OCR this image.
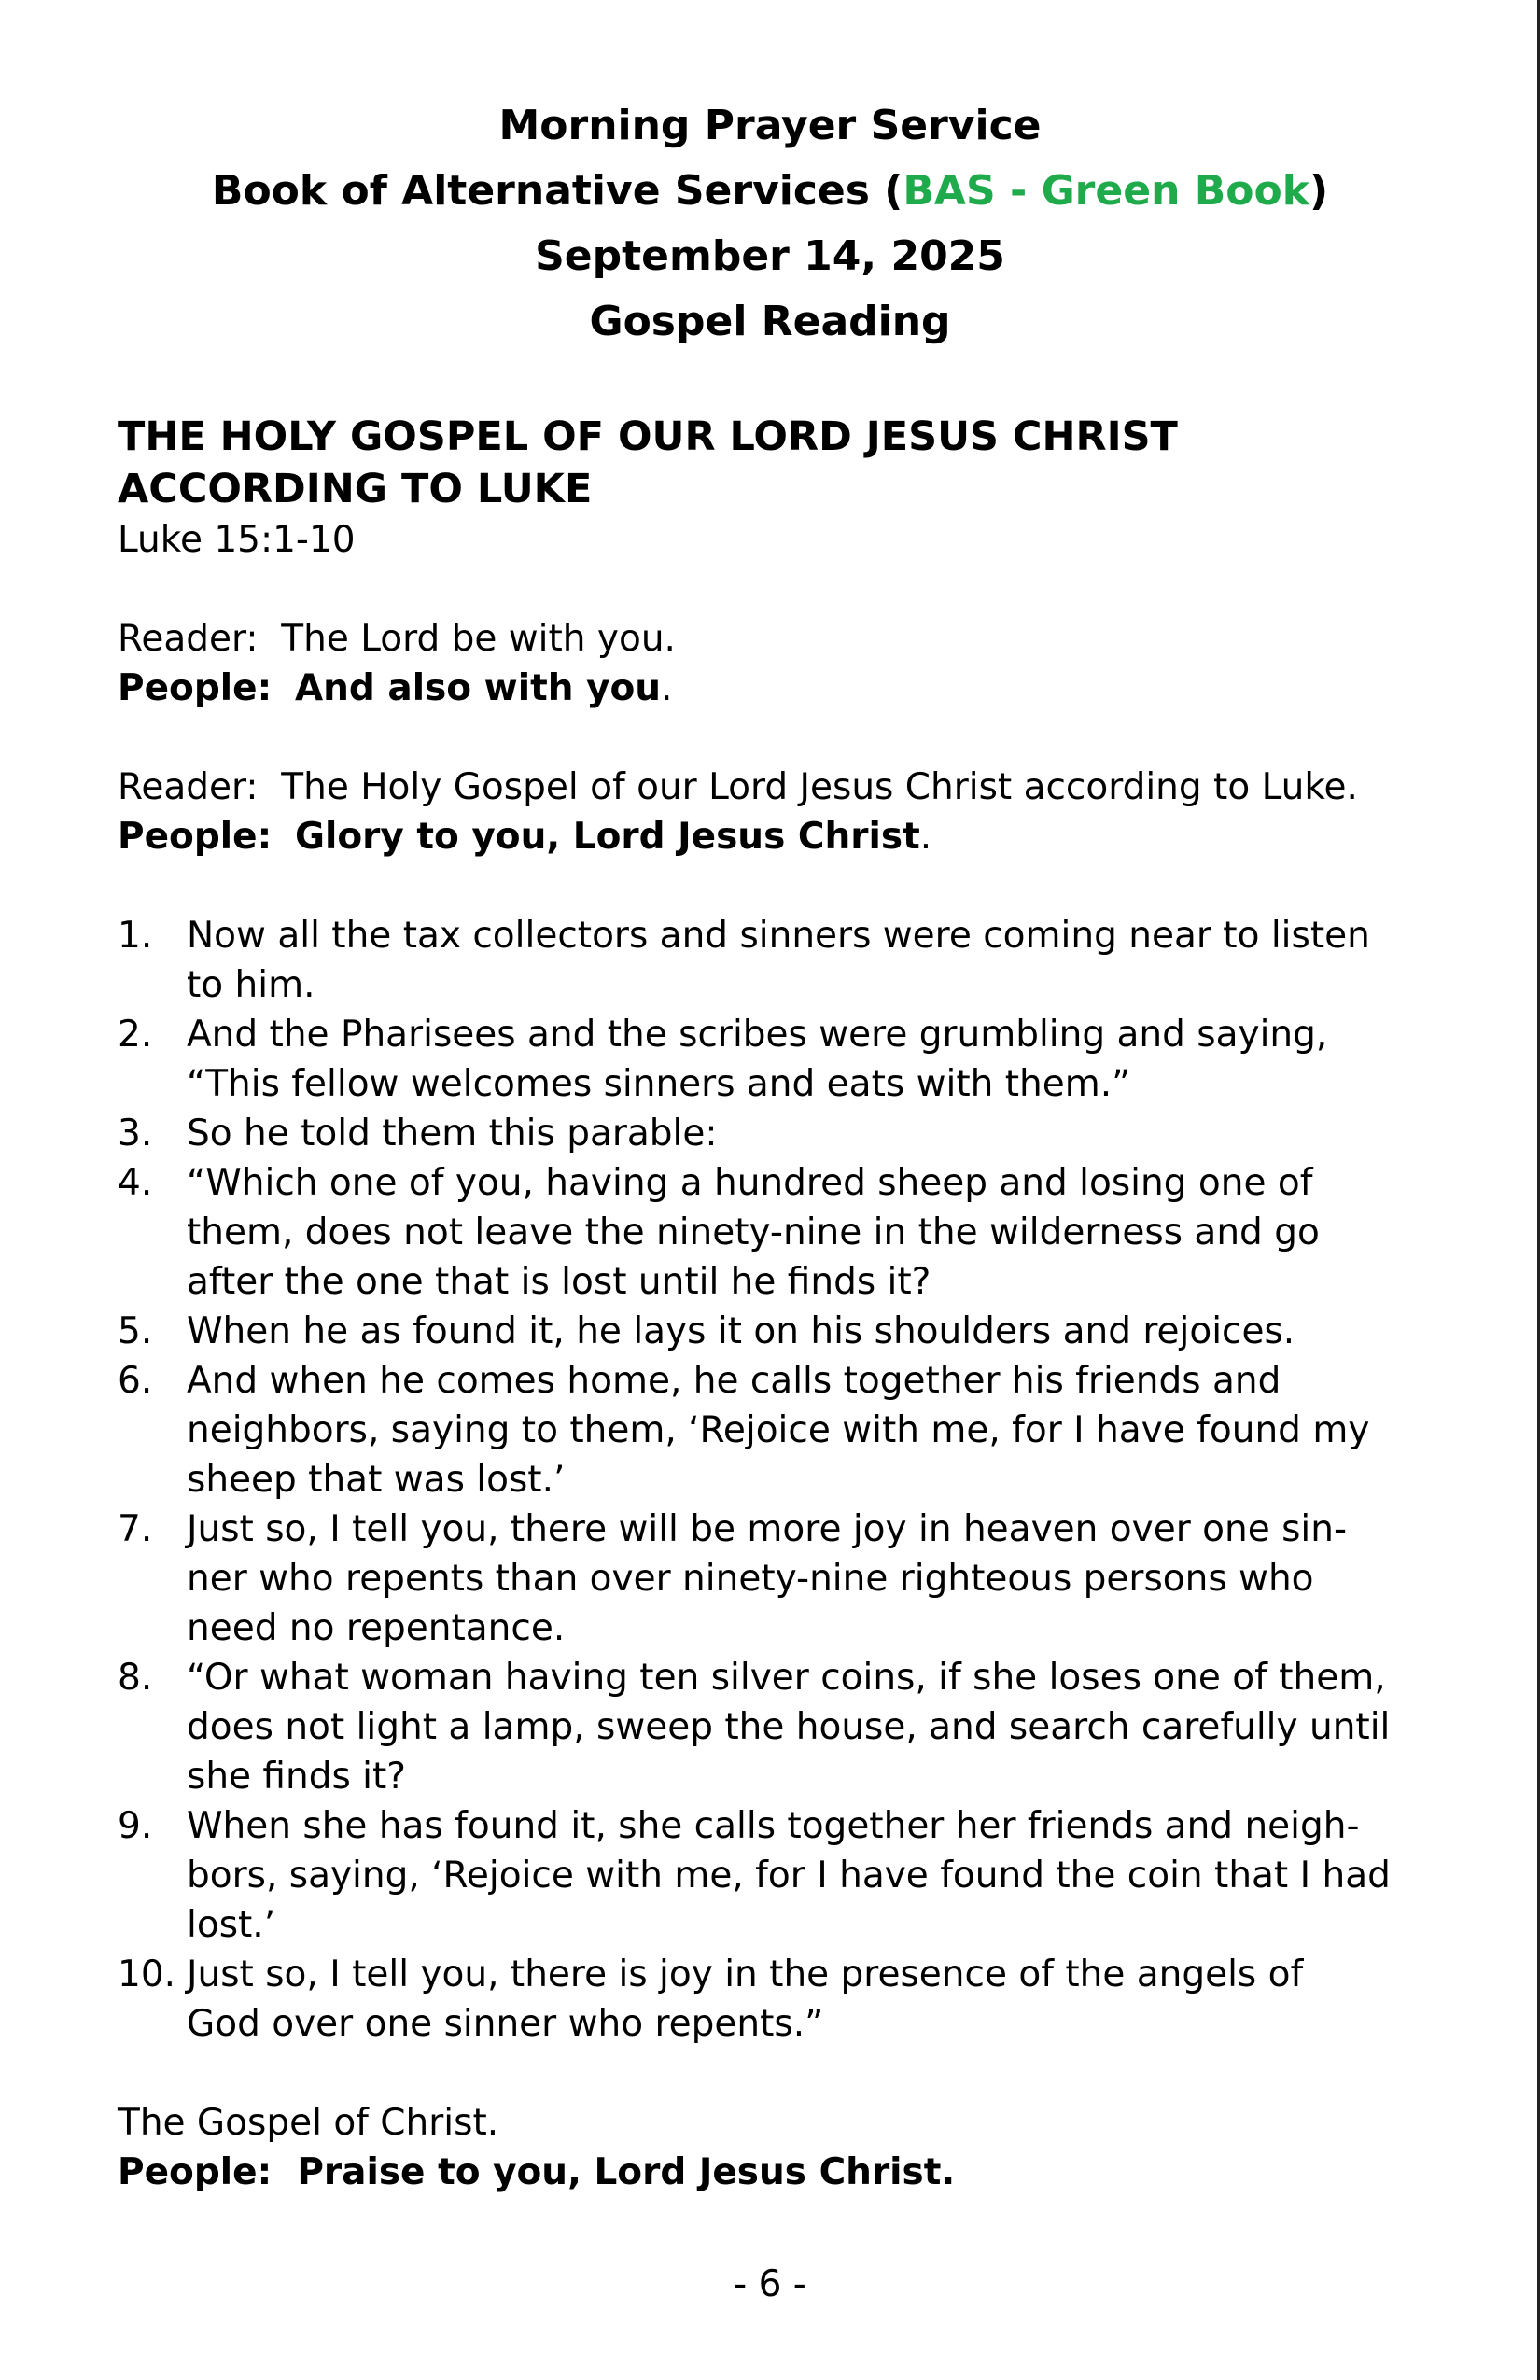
Morning Prayer Service
Book of Alternative Services (BAS - Green Book)
September 14, 2025
Gospel Reading
THE HOLY GOSPEL OF OUR LORD JESUS CHRIST
ACCORDING TO LUKE
Luke 15:1-10
Reader: The Lord be with you.
People: And also with you.
Reader: The Holy Gospel of our Lord Jesus Christ according to Luke.
People: Glory to you, Lord Jesus Christ.
1. Now all the tax collectors and sinners were coming near to listen
to him.
2. And the Pharisees and the scribes were grumbling and saying,
“This fellow welcomes sinners and eats with them.”
3. So he told them this parable:
4. “Which one of you, having a hundred sheep and losing one of
them, does not leave the ninety-nine in the wilderness and go
after the one that is lost until he finds it?
5. When he as found it, he lays it on his shoulders and rejoices.
6. And when he comes home, he calls together his friends and
neighbors, saying to them, ‘Rejoice with me, for I have found my
sheep that was lost.’
7. Just so, I tell you, there will be more joy in heaven over one sin-
ner who repents than over ninety-nine righteous persons who
need no repentance.
8. “Or what woman having ten silver coins, if she loses one of them,
does not light a lamp, sweep the house, and search carefully until
she finds it?
9. When she has found it, she calls together her friends and neigh-
bors, saying, ‘Rejoice with me, for I have found the coin that I had
lost.’
10. Just so, I tell you, there is joy in the presence of the angels of
God over one sinner who repents.”
The Gospel of Christ.
People: Praise to you, Lord Jesus Christ.
- 6 -
